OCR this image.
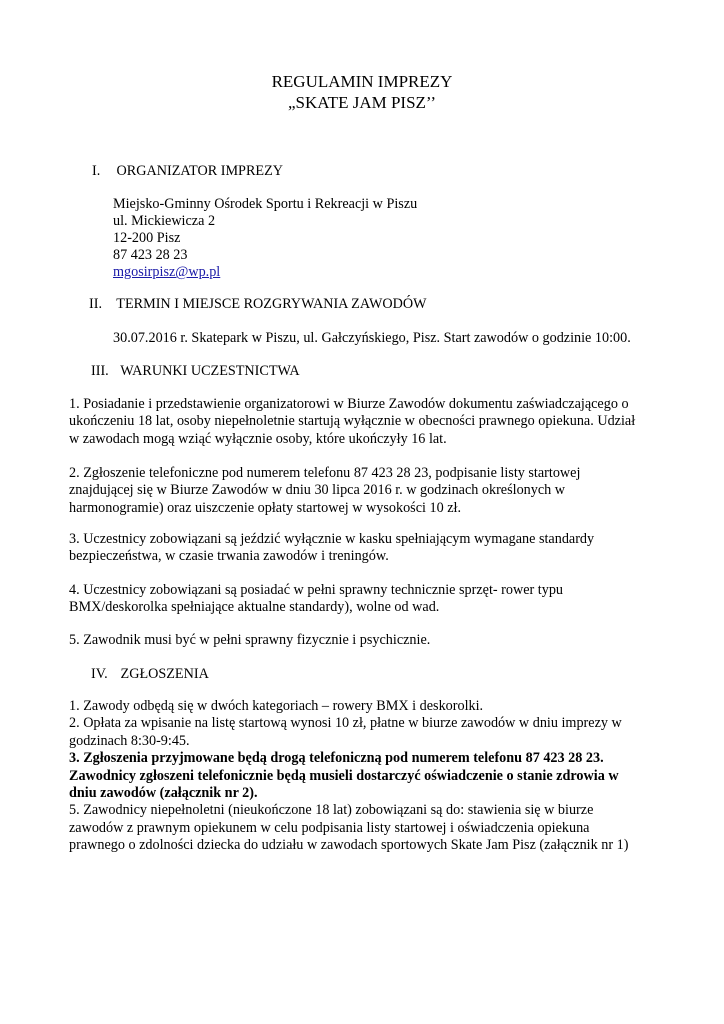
REGULAMIN IMPREZY
„SKATE JAM PISZ’’
I. ORGANIZATOR IMPREZY
Miejsko-Gminny Ośrodek Sportu i Rekreacji w Piszu
ul. Mickiewicza 2
12-200 Pisz
87 423 28 23
mgosirpisz@wp.pl
II. TERMIN I MIEJSCE ROZGRYWANIA ZAWODÓW
30.07.2016 r. Skatepark w Piszu, ul. Gałczyńskiego, Pisz. Start zawodów o godzinie 10:00.
III. WARUNKI UCZESTNICTWA
1. Posiadanie i przedstawienie organizatorowi w Biurze Zawodów dokumentu zaświadczającego o
ukończeniu 18 lat, osoby niepełnoletnie startują wyłącznie w obecności prawnego opiekuna. Udział
w zawodach mogą wziąć wyłącznie osoby, które ukończyły 16 lat.
2. Zgłoszenie telefoniczne pod numerem telefonu 87 423 28 23, podpisanie listy startowej
znajdującej się w Biurze Zawodów w dniu 30 lipca 2016 r. w godzinach określonych w
harmonogramie) oraz uiszczenie opłaty startowej w wysokości 10 zł.
3. Uczestnicy zobowiązani są jeździć wyłącznie w kasku spełniającym wymagane standardy
bezpieczeństwa, w czasie trwania zawodów i treningów.
4. Uczestnicy zobowiązani są posiadać w pełni sprawny technicznie sprzęt- rower typu
BMX/deskorolka spełniające aktualne standardy), wolne od wad.
5. Zawodnik musi być w pełni sprawny fizycznie i psychicznie.
IV. ZGŁOSZENIA
1. Zawody odbędą się w dwóch kategoriach – rowery BMX i deskorolki.
2. Opłata za wpisanie na listę startową wynosi 10 zł, płatne w biurze zawodów w dniu imprezy w
godzinach 8:30-9:45.
3. Zgłoszenia przyjmowane będą drogą telefoniczną pod numerem telefonu 87 423 28 23.
Zawodnicy zgłoszeni telefonicznie będą musieli dostarczyć oświadczenie o stanie zdrowia w
dniu zawodów (załącznik nr 2).
5. Zawodnicy niepełnoletni (nieukończone 18 lat) zobowiązani są do: stawienia się w biurze
zawodów z prawnym opiekunem w celu podpisania listy startowej i oświadczenia opiekuna
prawnego o zdolności dziecka do udziału w zawodach sportowych Skate Jam Pisz (załącznik nr 1)
